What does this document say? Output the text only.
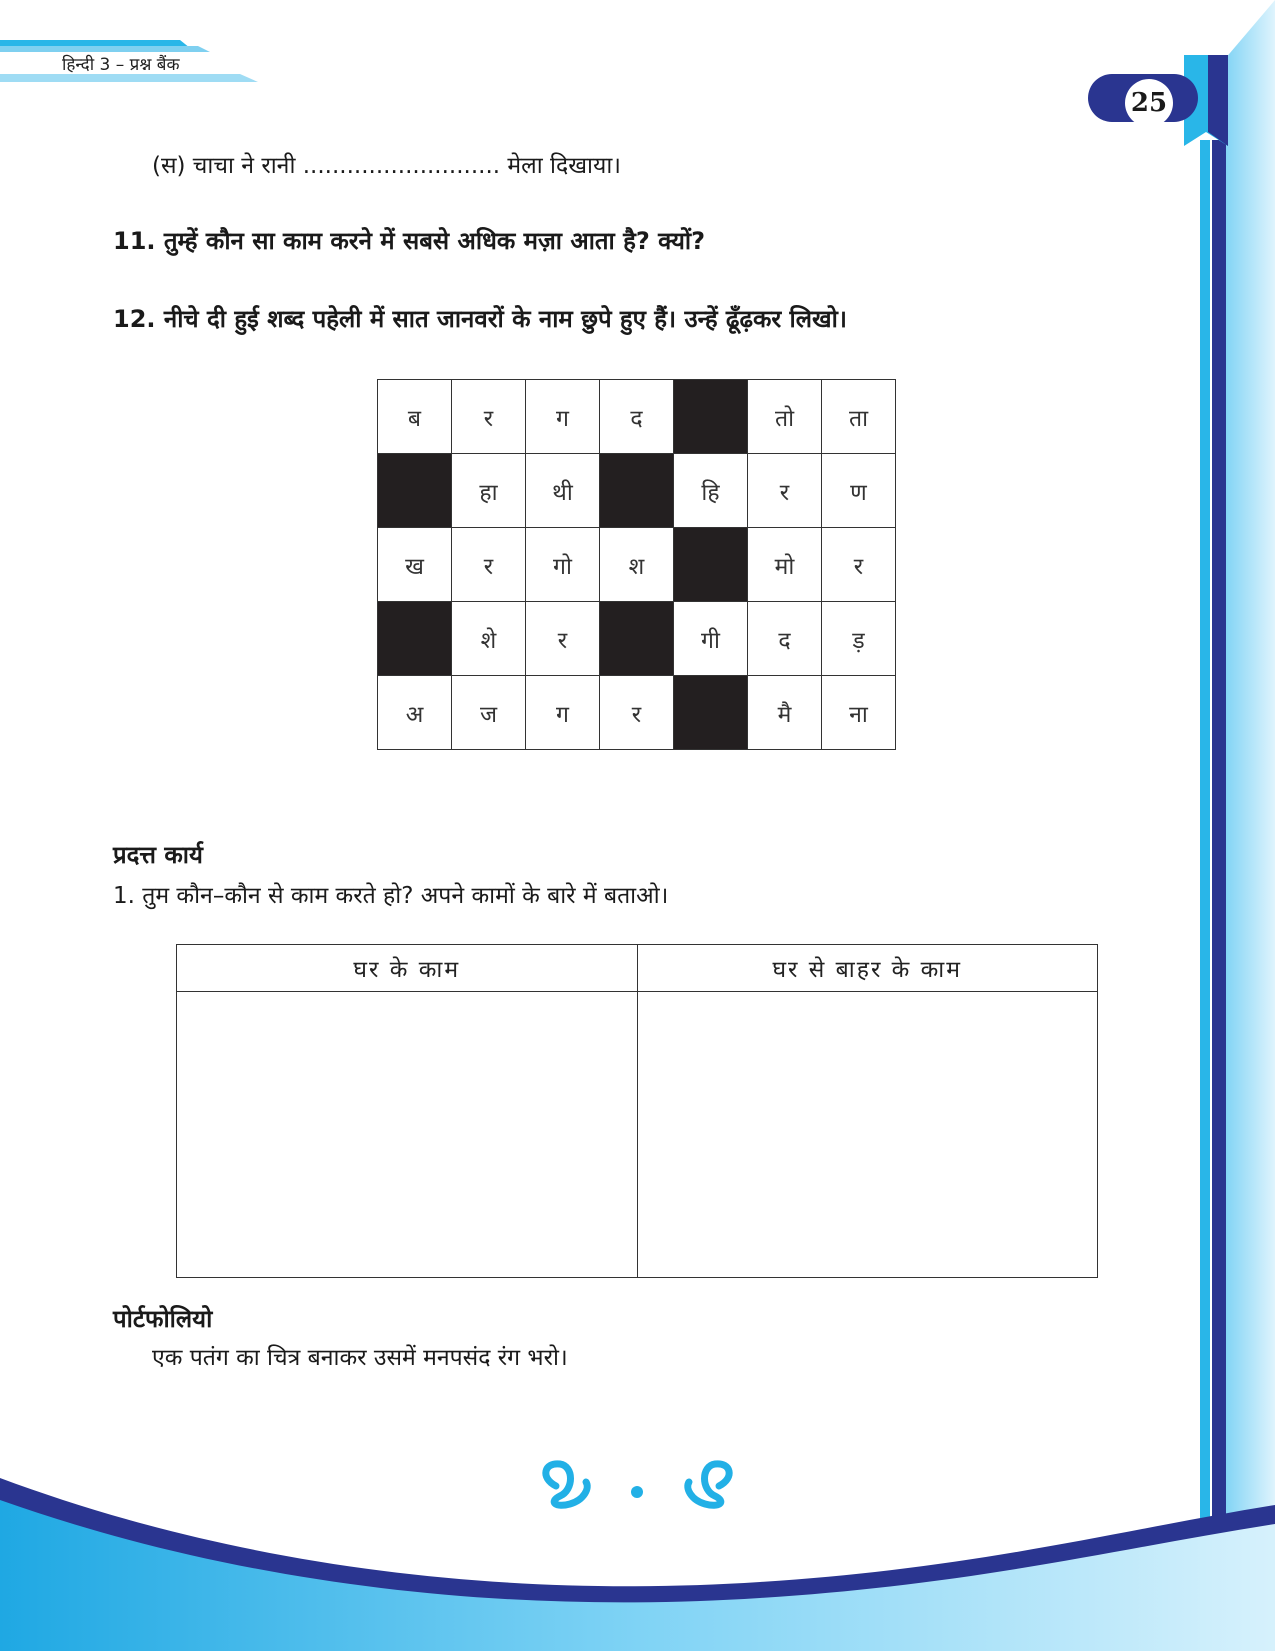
हिन्दी 3 – प्रश्न बैंक
25
(स) चाचा ने रानी ........................... मेला दिखाया।
11. तुम्हें कौन सा काम करने में सबसे अधिक मज़ा आता है? क्यों?
12. नीचे दी हुई शब्द पहेली में सात जानवरों के नाम छुपे हुए हैं। उन्हें ढूँढ़कर लिखो।
ब	र	ग	द		तो	ता
	हा	थी		हि	र	ण
ख	र	गो	श		मो	र
	शे	र		गी	द	ड़
अ	ज	ग	र		मै	ना
प्रदत्त कार्य
1. तुम कौन–कौन से काम करते हो? अपने कामों के बारे में बताओ।
घर के काम	घर से बाहर के काम

पोर्टफोलियो
एक पतंग का चित्र बनाकर उसमें मनपसंद रंग भरो।
